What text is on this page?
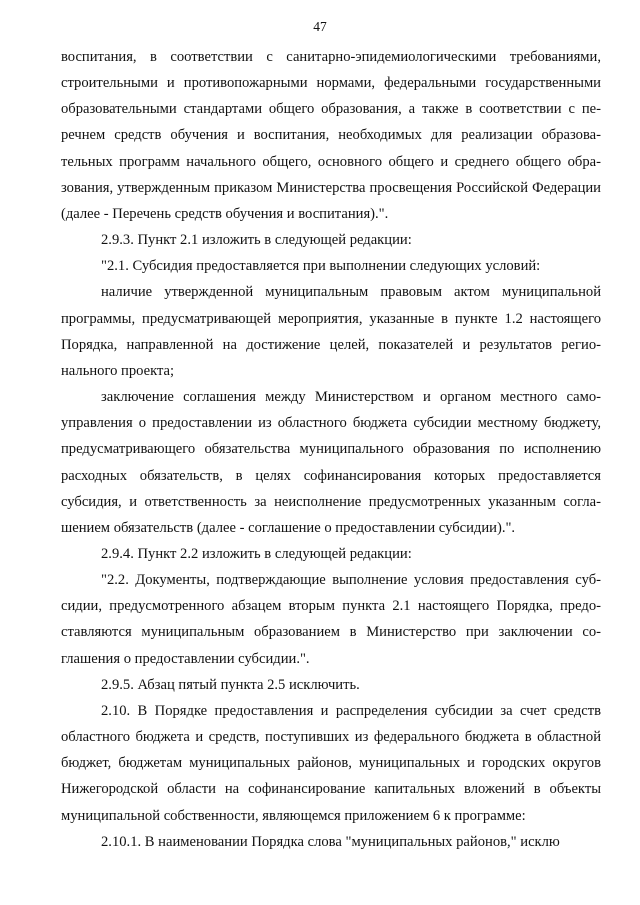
47

воспитания, в соответствии с санитарно-эпидемиологическими требованиями, строительными и противопожарными нормами, федеральными государственными образовательными стандартами общего образования, а также в соответствии с перечнем средств обучения и воспитания, необходимых для реализации образовательных программ начального общего, основного общего и среднего общего образования, утвержденным приказом Министерства просвещения Российской Федерации (далее - Перечень средств обучения и воспитания).".

2.9.3. Пункт 2.1 изложить в следующей редакции:

"2.1. Субсидия предоставляется при выполнении следующих условий:

наличие утвержденной муниципальным правовым актом муниципальной программы, предусматривающей мероприятия, указанные в пункте 1.2 настоящего Порядка, направленной на достижение целей, показателей и результатов регионального проекта;

заключение соглашения между Министерством и органом местного самоуправления о предоставлении из областного бюджета субсидии местному бюджету, предусматривающего обязательства муниципального образования по исполнению расходных обязательств, в целях софинансирования которых предоставляется субсидия, и ответственность за неисполнение предусмотренных указанным соглашением обязательств (далее - соглашение о предоставлении субсидии).".

2.9.4. Пункт 2.2 изложить в следующей редакции:

"2.2. Документы, подтверждающие выполнение условия предоставления субсидии, предусмотренного абзацем вторым пункта 2.1 настоящего Порядка, предоставляются муниципальным образованием в Министерство при заключении соглашения о предоставлении субсидии.".

2.9.5. Абзац пятый пункта 2.5 исключить.

2.10. В Порядке предоставления и распределения субсидии за счет средств областного бюджета и средств, поступивших из федерального бюджета в областной бюджет, бюджетам муниципальных районов, муниципальных и городских округов Нижегородской области на софинансирование капитальных вложений в объекты муниципальной собственности, являющемся приложением 6 к программе:

2.10.1. В наименовании Порядка слова "муниципальных районов," исклю
